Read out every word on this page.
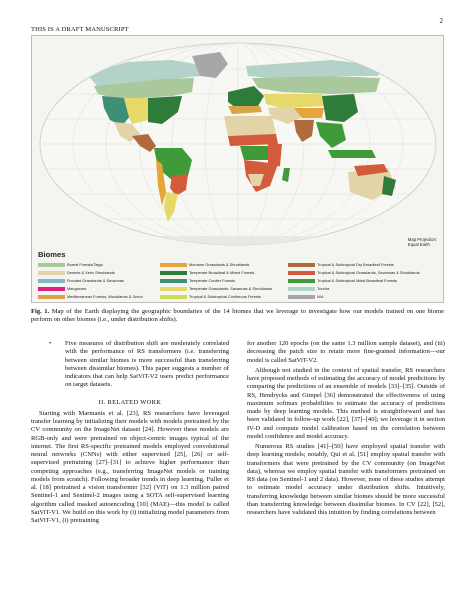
THIS IS A DRAFT MANUSCRIPT
2
Map Projection:
Equal Earth
Biomes
Boreal Forests/Taiga
Deserts & Xeric Shrublands
Flooded Grasslands & Savannas
Mangroves
Mediterranean Forests, Woodlands & Scrub
Montane Grasslands & Shrublands
Temperate Broadleaf & Mixed Forests
Temperate Conifer Forests
Temperate Grasslands, Savannas & Shrublands
Tropical & Subtropical Coniferous Forests
Tropical & Subtropical Dry Broadleaf Forests
Tropical & Subtropical Grasslands, Savannas & Shrublands
Tropical & Subtropical Moist Broadleaf Forests
Tundra
N/A
Fig. 1. Map of the Earth displaying the geographic boundaries of the 14 biomes that we leverage to investigate how our models trained on one biome perform on other biomes (i.e., under distribution shifts).
• Five measures of distribution shift are moderately correlated with the performance of RS transformers (i.e. transferring between similar biomes is more successful than transferring between dissimilar biomes). This paper suggests a number of indicators that can help SatViT-V2 users predict performance on target datasets.

II. RELATED WORK

Starting with Marmanis et al. [23], RS researchers have leveraged transfer learning by initializing their models with models pretrained by the CV community on the ImageNet dataset [24]. However these models are RGB-only and were pretrained on object-centric images typical of the internet. The first RS-specific pretrained models employed convolutional neural networks (CNNs) with either supervised [25], [26] or self-supervised pretraining [27]–[31] to achieve higher performance than competing approaches (e.g., transferring ImageNet models or training models from scratch). Following broader trends in deep learning, Fuller et al. [18] pretrained a vision transformer [32] (ViT) on 1.3 million paired Sentinel-1 and Sentinel-2 images using a SOTA self-supervised learning algorithm called masked autoencoding [10] (MAE)—this model is called SatViT-V1. We build on this work by (i) initializing model parameters from SatViT-V1, (i) pretraining

for another 120 epochs (on the same 1.3 million sample dataset), and (iii) decreasing the patch size to retain more fine-grained information—our model is called SatViT-V2.

Although not studied in the context of spatial transfer, RS researchers have proposed methods of estimating the accuracy of model predictions by comparing the predictions of an ensemble of models [33]–[35]. Outside of RS, Hendrycks and Gimpel [36] demonstrated the effectiveness of using maximum softmax probabilities to estimate the accuracy of predictions made by deep learning models. This method is straightforward and has been validated in follow-up work [22], [37]–[40]; we leverage it in section IV-D and compute model calibration based on the correlation between model confidence and model accuracy.

Numerous RS studies [41]–[50] have employed spatial transfer with deep learning models; notably, Qui et al. [51] employ spatial transfer with transformers that were pretrained by the CV community (on ImageNet data), whereas we employ spatial transfer with transformers pretrained on RS data (on Sentinel-1 and 2 data). However, none of these studies attempt to estimate model accuracy under distribution shifts. Intuitively, transferring knowledge between similar biomes should be more successful than transferring knowledge between dissimilar biomes. In CV [22], [52], researchers have validated this intuition by finding correlations between
